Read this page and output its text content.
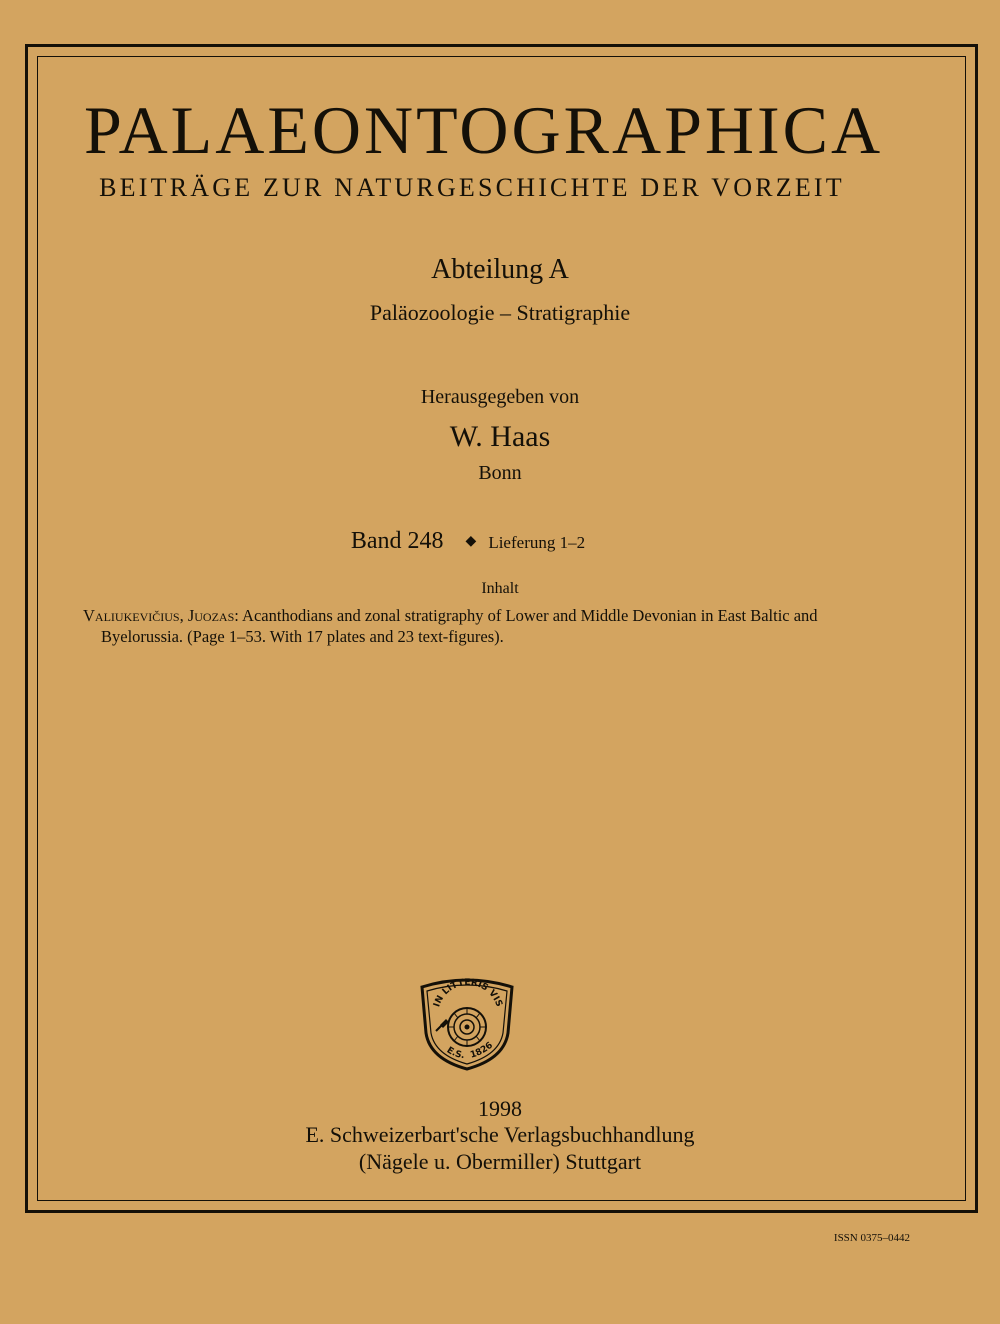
PALAEONTOGRAPHICA
BEITRÄGE ZUR NATURGESCHICHTE DER VORZEIT
Abteilung A
Paläozoologie – Stratigraphie
Herausgegeben von
W. Haas
Bonn
Band 248 ◆ Lieferung 1–2
Inhalt
Valiukevičius, Juozas: Acanthodians and zonal stratigraphy of Lower and Middle Devonian in East Baltic and
Byelorussia. (Page 1–53. With 17 plates and 23 text-figures).
IN LITTERIS VIS
E.S. 1826
1998
E. Schweizerbart'sche Verlagsbuchhandlung
(Nägele u. Obermiller) Stuttgart
ISSN 0375–0442
